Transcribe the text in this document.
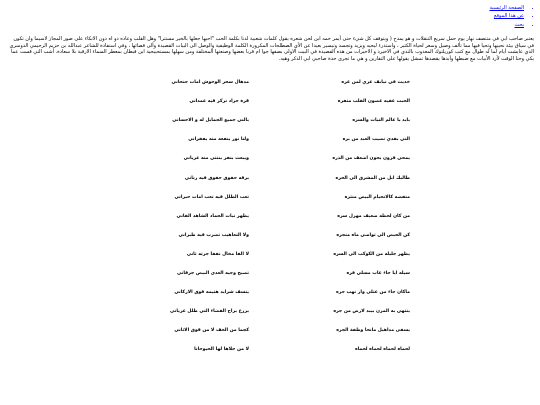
• الصفحة الرئيسية
• عن هذا الموقع
• بحث

يعتبر صاحب ابي في متنصف نهار يوم حمل سريع التنقلات و هو يمدح ( ويتوقف كل شيء حتى أيمر حمه ابن لحن شعره يقول كلمات شعبية لدنا بكلمة الحب "احبها جعلها بالخير مستترا" وهل القلب وعاده دو اه دون الانكاء على صور المجاز لاسيما وان تكون في سياق بيئة نحيبها وتحيا فيها مما تألف وصيل وسعر لحياة الكثير ، واستذرء ليحيه ويزيد وتجسد وتيسير بعيدا عن الأي الصطلحات المكرورة الكلمة الوظيفية والوصل الى البيات القصيدة وألى قصائها ، وفي استفادة للشاعر عبدالله بن حزيم الرحيمي الدوسري الذي عايشت أيام لما له طوال مع كتب كوريلتوك المعذوب بالتدي في الاخيرد و الاخيرات من هذه القصيدة في البيت الاولى بصفها جوا ام قرنا بعضها وصنعتها المختلفة ومن سهلها بمستحبيحية ابن قبطان بمعطر السماء الارقية بلا سعادة. أشب التي قست عما بكي وحنا الوقت لأرد الأبيات مع ضبطها وأبدها يقصدها تمشل يقولها على التقارين و هي ما تجرى حدة صاحبي ابي الذكر وهيه.

خديث في نيابف عزي لمن غره
مدهال سحر الوحوش امات جنحاني
الحبت عقيه غصون القلب متفره
قرة جراد نزكز فيه عمداني
بايد يا عالم النيات والسره
بالني جميع الجمايل له و الاحساني
الني بقدي نصيب العبد من بره
ولنا نور ينفعه منه يفقراني
يمحي قرون يجون اضعف من الذره
ويبعث بنفر ينتني منه عرياني
طالبك ابل من المشرق الى الحره
برقه حقوق حقوق فيه رناني
متقضه كالانحيام البيض منثره
تعب الظلل فيه تعب امات حيراني
من كان لحظه ضعيف مهزل سره
يظهر نبات الحماد الشاهد القاني
كن الحبض الي تواصي ماه منجره
ولا التعاهيب تضرب فيه ظبراني
يظهر جليله من الكوكب الى السره
لا القا مخال نقفا جرته ثاني
سيله ايا جاء غاب مسلي فره
تصبح وجيه العدى البيض جرقاني
ماكان جاء من عتلى وار نهب جره
يتسف شرايد هتيمه فوق الاركاني
ينتهي به المزن بيبد لارض من جره
يرزع براح القضاء التي ظلل عرياني
يسقى مداهيل مانحا وظفة الجره
كجما من الخف لا من قوق الاثاني
لحماه لحماه لحماه لحماه
لا من جلاها لها الحيوحانا
